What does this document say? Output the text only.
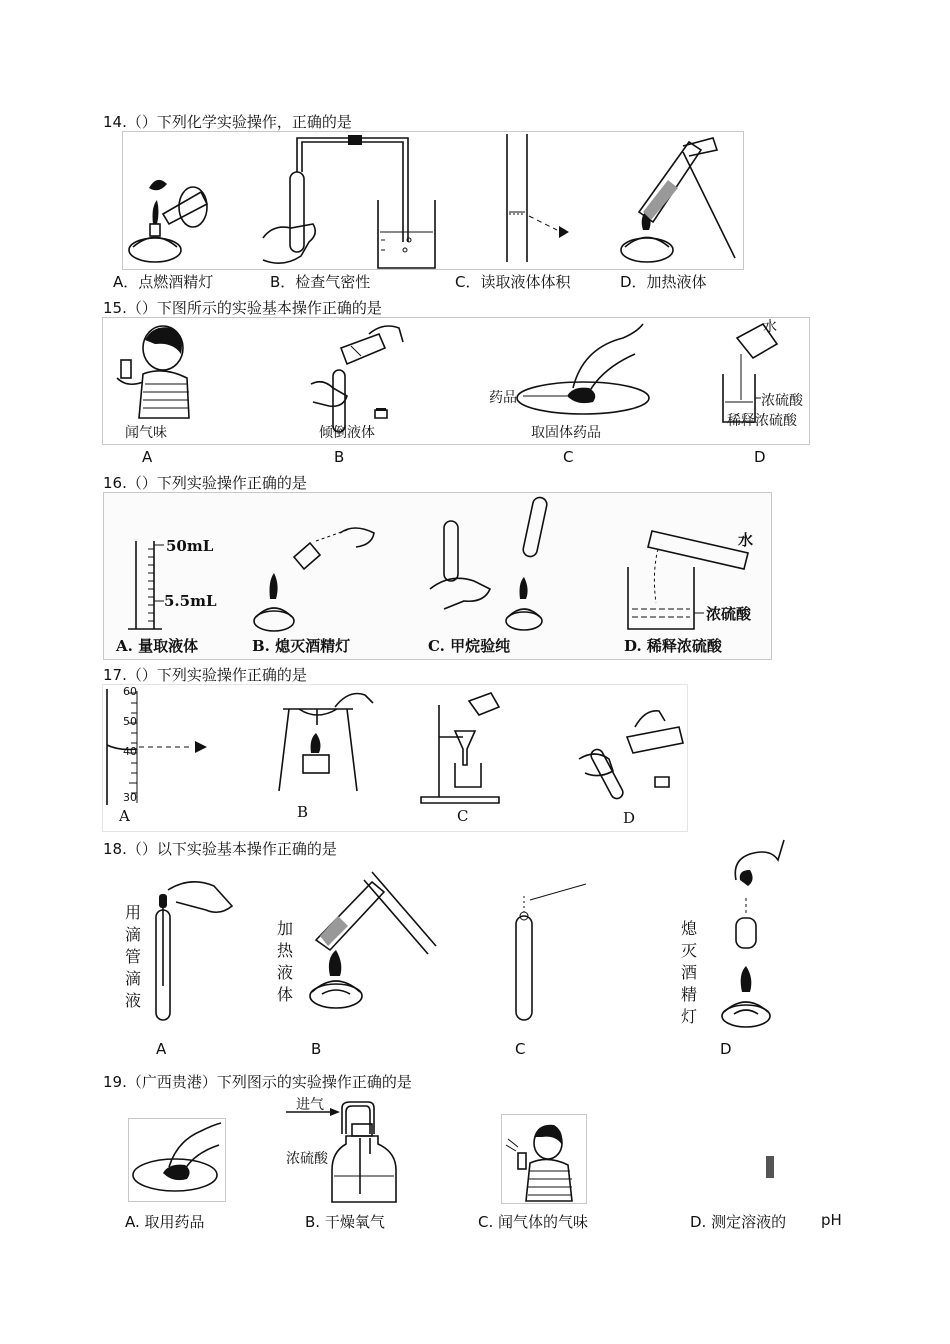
14.（）下列化学实验操作，正确的是
A．点燃酒精灯	B．检查气密性	C．读取液体体积	D．加热液体
15.（）下图所示的实验基本操作正确的是
闻气味	倾倒液体
药品
取固体药品
水
浓硫酸
稀释浓硫酸
A	B	C	D
16.（）下列实验操作正确的是
50mL
5.5mL
水
浓硫酸
A. 量取液体	B. 熄灭酒精灯	C. 甲烷验纯	D. 稀释浓硫酸
17.（）下列实验操作正确的是
60
50
40
30
A	B	C	D
18.（）以下实验基本操作正确的是
用滴管滴液
加热液体
熄灭酒精灯
A	B	C	D
19.（广西贵港）下列图示的实验操作正确的是
进气
浓硫酸
A. 取用药品	B. 干燥氧气	C. 闻气体的气味	D. 测定溶液的 pH
